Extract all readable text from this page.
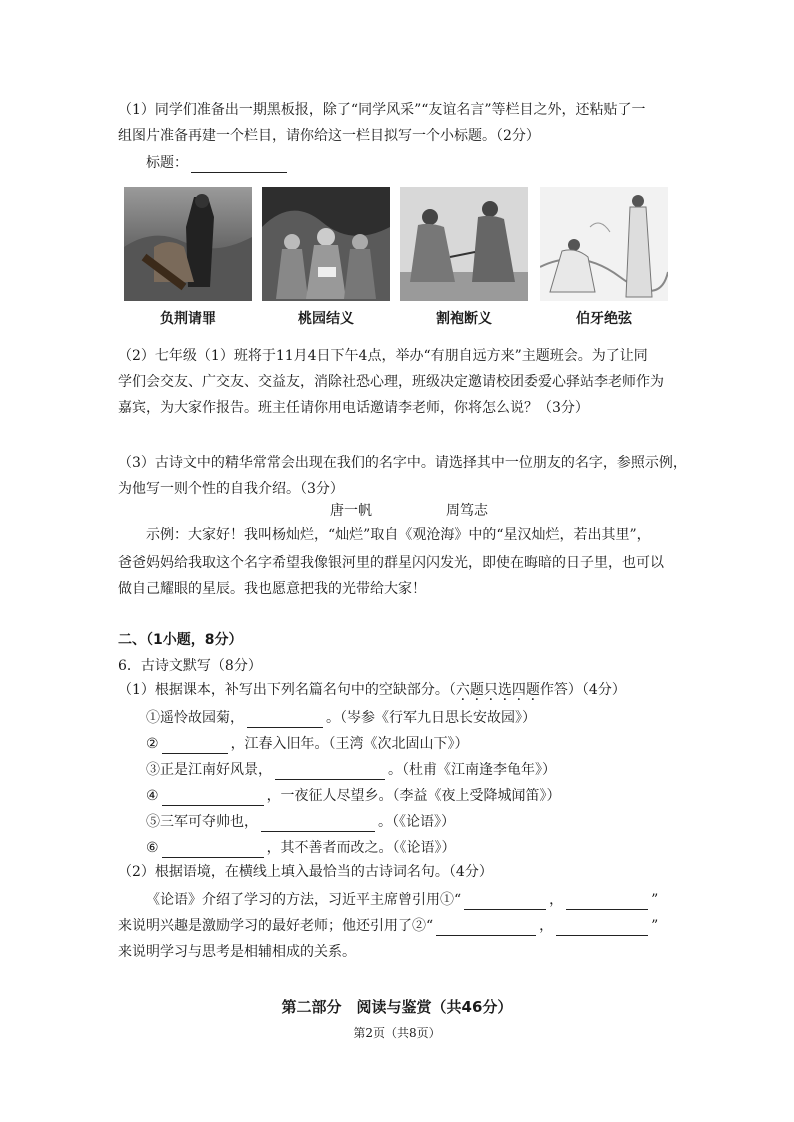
（1）同学们准备出一期黑板报，除了“同学风采”“友谊名言”等栏目之外，还粘贴了一
组图片准备再建一个栏目，请你给这一栏目拟写一个小标题。（2分）
标题：
负荆请罪	桃园结义	割袍断义	伯牙绝弦
（2）七年级（1）班将于11月4日下午4点，举办“有朋自远方来”主题班会。为了让同
学们会交友、广交友、交益友，消除社恐心理，班级决定邀请校团委爱心驿站李老师作为
嘉宾，为大家作报告。班主任请你用电话邀请李老师，你将怎么说？（3分）
（3）古诗文中的精华常常会出现在我们的名字中。请选择其中一位朋友的名字，参照示例，
为他写一则个性的自我介绍。（3分）
唐一帆	周笃志
示例：大家好！我叫杨灿烂，“灿烂”取自《观沧海》中的“星汉灿烂，若出其里”，
爸爸妈妈给我取这个名字希望我像银河里的群星闪闪发光，即使在晦暗的日子里，也可以
做自己耀眼的星辰。我也愿意把我的光带给大家！
二、（1小题，8分）
6．古诗文默写（8分）
（1）根据课本，补写出下列名篇名句中的空缺部分。（六题只选四题作答）（4分）
①遥怜故园菊，	。（岑参《行军九日思长安故园》）
②	，江春入旧年。（王湾《次北固山下》）
③正是江南好风景，	。（杜甫《江南逢李龟年》）
④	，一夜征人尽望乡。（李益《夜上受降城闻笛》）
⑤三军可夺帅也，	。（《论语》）
⑥	，其不善者而改之。（《论语》）
（2）根据语境，在横线上填入最恰当的古诗词名句。（4分）
《论语》介绍了学习的方法，习近平主席曾引用①“	，	”
来说明兴趣是激励学习的最好老师；他还引用了②“	，	”
来说明学习与思考是相辅相成的关系。
第二部分　阅读与鉴赏（共46分）
第2页（共8页）
